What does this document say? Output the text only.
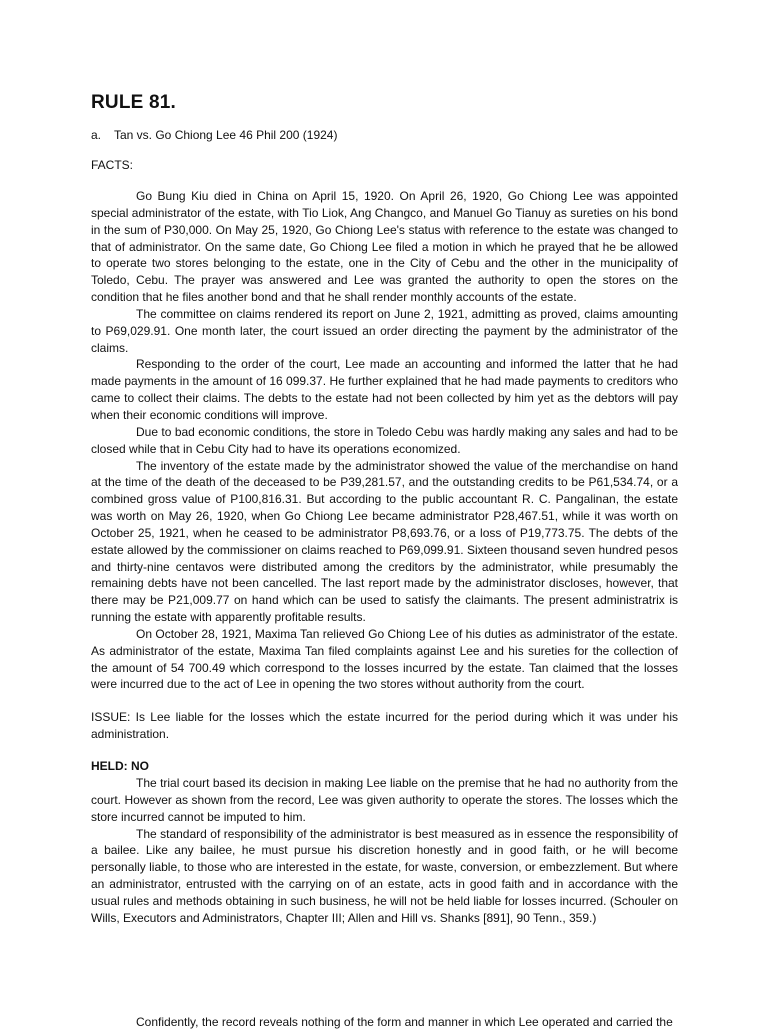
RULE 81.
a. Tan vs. Go Chiong Lee 46 Phil 200 (1924)
FACTS:

Go Bung Kiu died in China on April 15, 1920. On April 26, 1920, Go Chiong Lee was appointed special administrator of the estate, with Tio Liok, Ang Changco, and Manuel Go Tianuy as sureties on his bond in the sum of P30,000. On May 25, 1920, Go Chiong Lee's status with reference to the estate was changed to that of administrator. On the same date, Go Chiong Lee filed a motion in which he prayed that he be allowed to operate two stores belonging to the estate, one in the City of Cebu and the other in the municipality of Toledo, Cebu. The prayer was answered and Lee was granted the authority to open the stores on the condition that he files another bond and that he shall render monthly accounts of the estate.

The committee on claims rendered its report on June 2, 1921, admitting as proved, claims amounting to P69,029.91. One month later, the court issued an order directing the payment by the administrator of the claims.

Responding to the order of the court, Lee made an accounting and informed the latter that he had made payments in the amount of 16 099.37. He further explained that he had made payments to creditors who came to collect their claims. The debts to the estate had not been collected by him yet as the debtors will pay when their economic conditions will improve.

Due to bad economic conditions, the store in Toledo Cebu was hardly making any sales and had to be closed while that in Cebu City had to have its operations economized.

The inventory of the estate made by the administrator showed the value of the merchandise on hand at the time of the death of the deceased to be P39,281.57, and the outstanding credits to be P61,534.74, or a combined gross value of P100,816.31. But according to the public accountant R. C. Pangalinan, the estate was worth on May 26, 1920, when Go Chiong Lee became administrator P28,467.51, while it was worth on October 25, 1921, when he ceased to be administrator P8,693.76, or a loss of P19,773.75. The debts of the estate allowed by the commissioner on claims reached to P69,099.91. Sixteen thousand seven hundred pesos and thirty-nine centavos were distributed among the creditors by the administrator, while presumably the remaining debts have not been cancelled. The last report made by the administrator discloses, however, that there may be P21,009.77 on hand which can be used to satisfy the claimants. The present administratrix is running the estate with apparently profitable results.

On October 28, 1921, Maxima Tan relieved Go Chiong Lee of his duties as administrator of the estate. As administrator of the estate, Maxima Tan filed complaints against Lee and his sureties for the collection of the amount of 54 700.49 which correspond to the losses incurred by the estate. Tan claimed that the losses were incurred due to the act of Lee in opening the two stores without authority from the court.

ISSUE: Is Lee liable for the losses which the estate incurred for the period during which it was under his administration.
HELD: NO

The trial court based its decision in making Lee liable on the premise that he had no authority from the court. However as shown from the record, Lee was given authority to operate the stores. The losses which the store incurred cannot be imputed to him.

The standard of responsibility of the administrator is best measured as in essence the responsibility of a bailee. Like any bailee, he must pursue his discretion honestly and in good faith, or he will become personally liable, to those who are interested in the estate, for waste, conversion, or embezzlement. But where an administrator, entrusted with the carrying on of an estate, acts in good faith and in accordance with the usual rules and methods obtaining in such business, he will not be held liable for losses incurred. (Schouler on Wills, Executors and Administrators, Chapter III; Allen and Hill vs. Shanks [891], 90 Tenn., 359.)

Confidently, the record reveals nothing of the form and manner in which Lee operated and carried the
